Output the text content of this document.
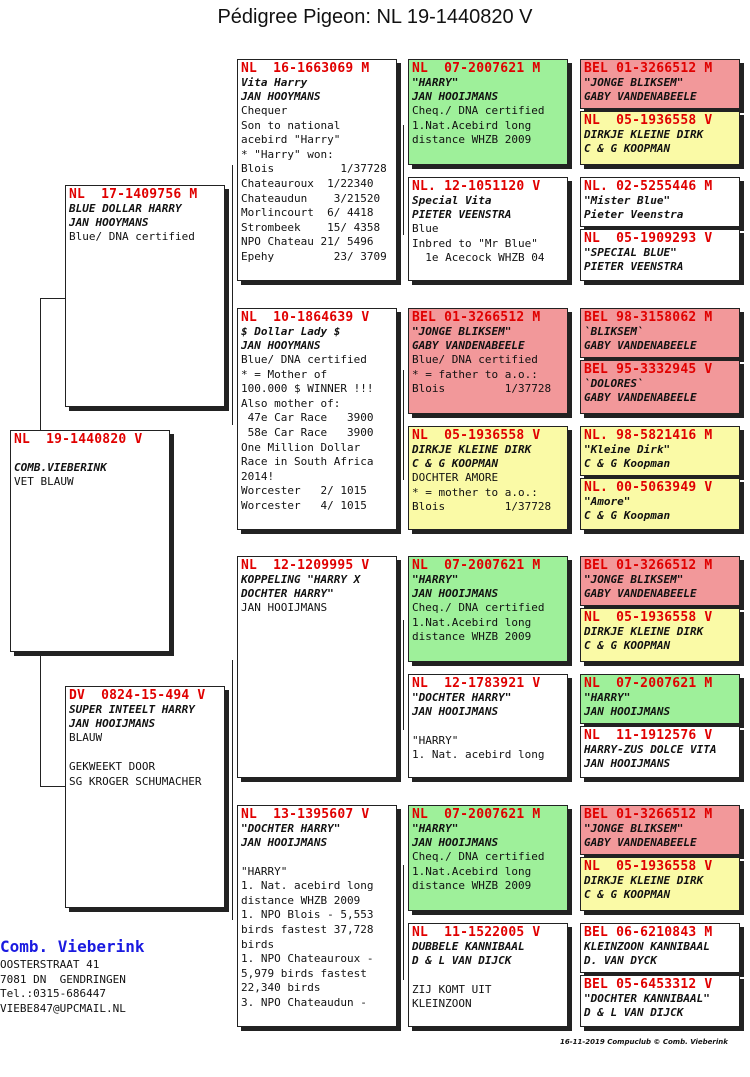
Pédigree Pigeon: NL 19-1440820 V
NL  19-1440820 V

COMB.VIEBERINK
VET BLAUW
NL  17-1409756 M
BLUE DOLLAR HARRY
JAN HOOYMANS
Blue/ DNA certified
DV  0824-15-494 V
SUPER INTEELT HARRY
JAN HOOIJMANS
BLAUW

GEKWEEKT DOOR
SG KROGER SCHUMACHER
NL  16-1663069 M
Vita Harry
JAN HOOYMANS
Chequer
Son to national
acebird "Harry"
* "Harry" won:
Blois          1/37728
Chateauroux  1/22340
Chateaudun    3/21520
Morlincourt  6/ 4418
Strombeek    15/ 4358
NPO Chateau 21/ 5496
Epehy         23/ 3709
NL  10-1864639 V
$ Dollar Lady $
JAN HOOYMANS
Blue/ DNA certified
* = Mother of
100.000 $ WINNER !!!
Also mother of:
47e Car Race   3900
58e Car Race   3900
One Million Dollar
Race in South Africa
2014!
Worcester   2/ 1015
Worcester   4/ 1015
NL  12-1209995 V
KOPPELING "HARRY X
DOCHTER HARRY"
JAN HOOIJMANS
NL  13-1395607 V
"DOCHTER HARRY"
JAN HOOIJMANS

"HARRY"
1. Nat. acebird long
distance WHZB 2009
1. NPO Blois - 5,553
birds fastest 37,728
birds
1. NPO Chateauroux -
5,979 birds fastest
22,340 birds
3. NPO Chateaudun -
NL  07-2007621 M
"HARRY"
JAN HOOIJMANS
Cheq./ DNA certified
1.Nat.Acebird long
distance WHZB 2009
NL. 12-1051120 V
Special Vita
PIETER VEENSTRA
Blue
Inbred to "Mr Blue"
1e Acecock WHZB 04
BEL 01-3266512 M
"JONGE BLIKSEM"
GABY VANDENABEELE
Blue/ DNA certified
* = father to a.o.:
Blois         1/37728
NL  05-1936558 V
DIRKJE KLEINE DIRK
C & G KOOPMAN
DOCHTER AMORE
* = mother to a.o.:
Blois         1/37728
NL  07-2007621 M
"HARRY"
JAN HOOIJMANS
Cheq./ DNA certified
1.Nat.Acebird long
distance WHZB 2009
NL  12-1783921 V
"DOCHTER HARRY"
JAN HOOIJMANS

"HARRY"
1. Nat. acebird long
NL  07-2007621 M
"HARRY"
JAN HOOIJMANS
Cheq./ DNA certified
1.Nat.Acebird long
distance WHZB 2009
NL  11-1522005 V
DUBBELE KANNIBAAL
D & L VAN DIJCK

ZIJ KOMT UIT
KLEINZOON
BEL 01-3266512 M
"JONGE BLIKSEM"
GABY VANDENABEELE
NL  05-1936558 V
DIRKJE KLEINE DIRK
C & G KOOPMAN
NL. 02-5255446 M
"Mister Blue"
Pieter Veenstra
NL  05-1909293 V
"SPECIAL BLUE"
PIETER VEENSTRA
BEL 98-3158062 M
`BLIKSEM`
GABY VANDENABEELE
BEL 95-3332945 V
`DOLORES`
GABY VANDENABEELE
NL. 98-5821416 M
"Kleine Dirk"
C & G Koopman
NL. 00-5063949 V
"Amore"
C & G Koopman
BEL 01-3266512 M
"JONGE BLIKSEM"
GABY VANDENABEELE
NL  05-1936558 V
DIRKJE KLEINE DIRK
C & G KOOPMAN
NL  07-2007621 M
"HARRY"
JAN HOOIJMANS
NL  11-1912576 V
HARRY-ZUS DOLCE VITA
JAN HOOIJMANS
BEL 01-3266512 M
"JONGE BLIKSEM"
GABY VANDENABEELE
NL  05-1936558 V
DIRKJE KLEINE DIRK
C & G KOOPMAN
BEL 06-6210843 M
KLEINZOON KANNIBAAL
D. VAN DYCK
BEL 05-6453312 V
"DOCHTER KANNIBAAL"
D & L VAN DIJCK
Comb. Vieberink
OOSTERSTRAAT 41
7081 DN  GENDRINGEN
Tel.:0315-686447
VIEBE847@UPCMAIL.NL
16-11-2019 Compuclub © Comb. Vieberink
